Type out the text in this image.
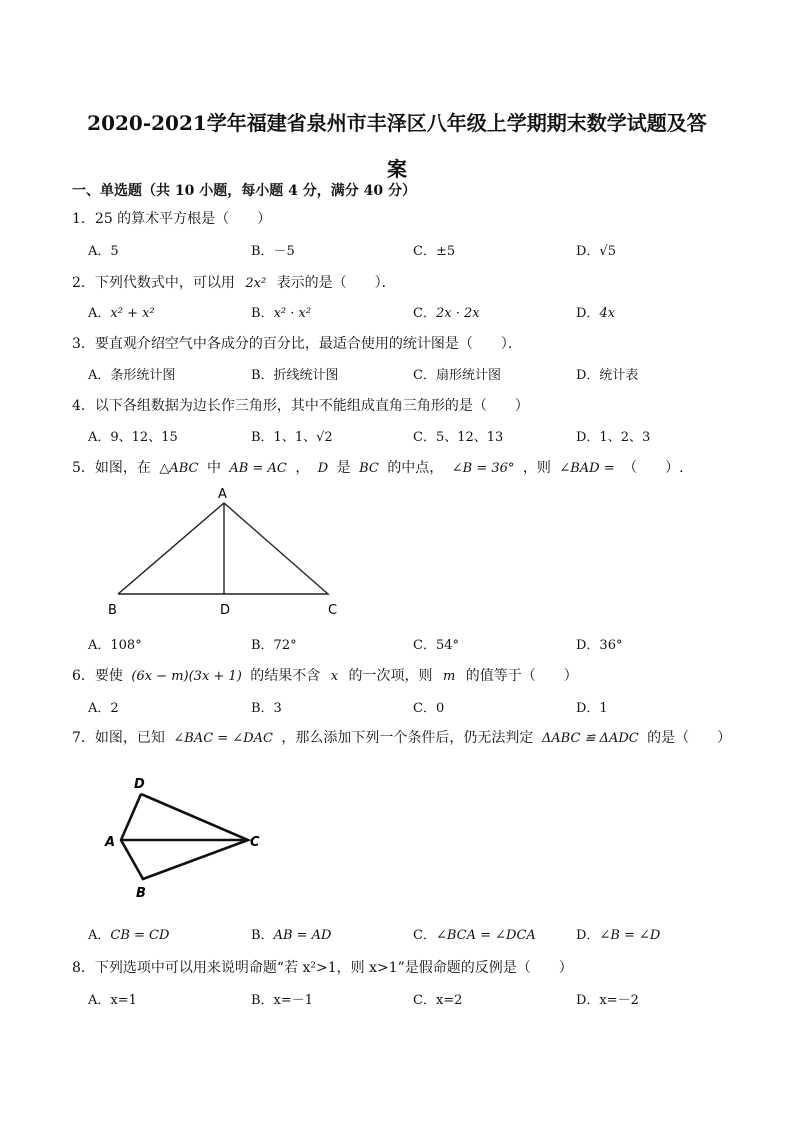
2020-2021学年福建省泉州市丰泽区八年级上学期期末数学试题及答
案
一、单选题（共 10 小题，每小题 4 分，满分 40 分）
1．25 的算术平方根是（　　）
A．5	B．－5	C．±5	D．√5
2．下列代数式中，可以用 2x² 表示的是（　　）．
A．x² + x²	B．x² · x²	C．2x · 2x	D．4x
3．要直观介绍空气中各成分的百分比，最适合使用的统计图是（　　）．
A．条形统计图	B．折线统计图	C．扇形统计图	D．统计表
4．以下各组数据为边长作三角形，其中不能组成直角三角形的是（　　）
A．9、12、15	B．1、1、√2	C．5、12、13	D．1、2、3
5．如图，在 △ABC 中 AB = AC ， D 是 BC 的中点， ∠B = 36° ，则 ∠BAD = （　　）.
A
B	D	C
D
A	C
B
A．108°	B．72°	C．54°	D．36°
6．要使 (6x − m)(3x + 1) 的结果不含 x 的一次项，则 m 的值等于（　　）
A．2	B．3	C．0	D．1
7．如图，已知 ∠BAC = ∠DAC ，那么添加下列一个条件后，仍无法判定 ΔABC ≌ ΔADC 的是（　　）
A．CB = CD	B．AB = AD	C．∠BCA = ∠DCA	D．∠B = ∠D
8．下列选项中可以用来说明命题“若 x²>1，则 x>1”是假命题的反例是（　　）
A．x=1	B．x=－1	C．x=2	D．x=－2
